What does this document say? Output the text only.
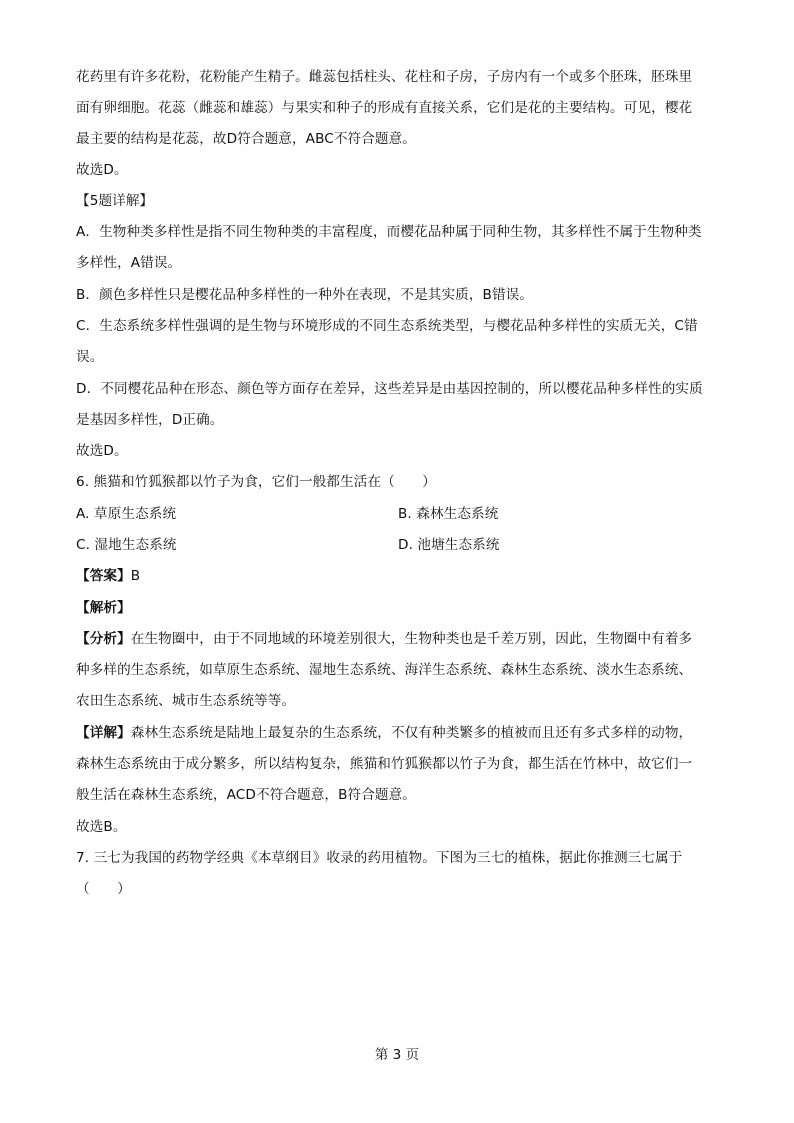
花药里有许多花粉，花粉能产生精子。雌蕊包括柱头、花柱和子房，子房内有一个或多个胚珠，胚珠里
面有卵细胞。花蕊（雌蕊和雄蕊）与果实和种子的形成有直接关系，它们是花的主要结构。可见，樱花
最主要的结构是花蕊，故D符合题意，ABC不符合题意。
故选D。
【5题详解】
A．生物种类多样性是指不同生物种类的丰富程度，而樱花品种属于同种生物，其多样性不属于生物种类
多样性，A错误。
B．颜色多样性只是樱花品种多样性的一种外在表现，不是其实质，B错误。
C．生态系统多样性强调的是生物与环境形成的不同生态系统类型，与樱花品种多样性的实质无关，C错
误。
D．不同樱花品种在形态、颜色等方面存在差异，这些差异是由基因控制的，所以樱花品种多样性的实质
是基因多样性，D正确。
故选D。
6. 熊猫和竹狐猴都以竹子为食，它们一般都生活在（　　）
A. 草原生态系统	B. 森林生态系统
C. 湿地生态系统	D. 池塘生态系统
【答案】B
【解析】
【分析】在生物圈中，由于不同地域的环境差别很大，生物种类也是千差万别，因此，生物圈中有着多
种多样的生态系统，如草原生态系统、湿地生态系统、海洋生态系统、森林生态系统、淡水生态系统、
农田生态系统、城市生态系统等等。
【详解】森林生态系统是陆地上最复杂的生态系统，不仅有种类繁多的植被而且还有多式多样的动物，
森林生态系统由于成分繁多，所以结构复杂，熊猫和竹狐猴都以竹子为食，都生活在竹林中，故它们一
般生活在森林生态系统，ACD不符合题意，B符合题意。
故选B。
7. 三七为我国的药物学经典《本草纲目》收录的药用植物。下图为三七的植株，据此你推测三七属于
（　　）
第 3 页
